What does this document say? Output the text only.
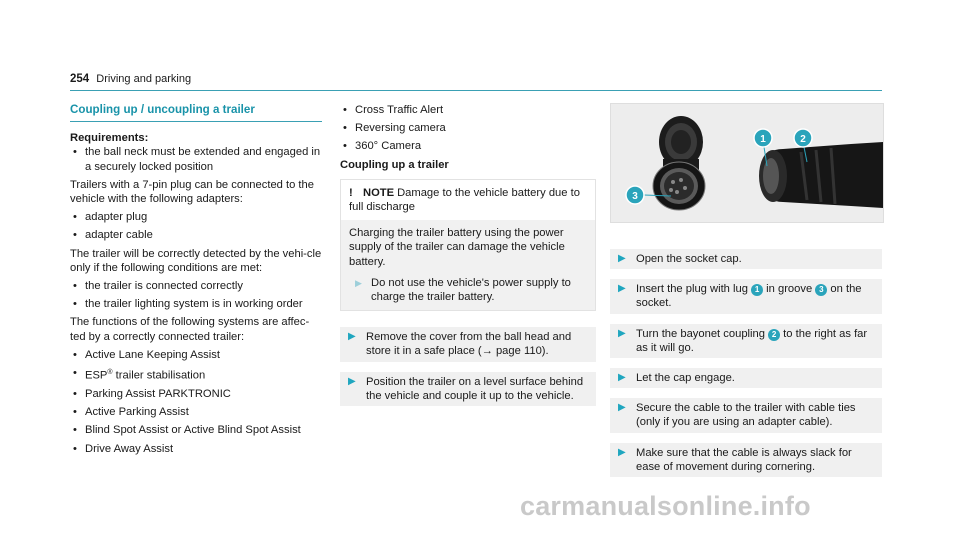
254 Driving and parking
Coupling up / uncoupling a trailer
Requirements:
• the ball neck must be extended and engaged in a securely locked position

Trailers with a 7-pin plug can be connected to the vehicle with the following adapters:

• adapter plug
• adapter cable

The trailer will be correctly detected by the vehi-cle only if the following conditions are met:

• the trailer is connected correctly
• the trailer lighting system is in working order

The functions of the following systems are affec-ted by a correctly connected trailer:

• Active Lane Keeping Assist
• ESP® trailer stabilisation
• Parking Assist PARKTRONIC
• Active Parking Assist
• Blind Spot Assist or Active Blind Spot Assist
• Drive Away Assist
• Cross Traffic Alert
• Reversing camera
• 360° Camera
Coupling up a trailer
! NOTE Damage to the vehicle battery due to full discharge
Charging the trailer battery using the power supply of the trailer can damage the vehicle battery.
▶ Do not use the vehicle's power supply to charge the trailer battery.
▶ Remove the cover from the ball head and store it in a safe place (→ page 110).
▶ Position the trailer on a level surface behind the vehicle and couple it up to the vehicle.
1	2
3
▶ Open the socket cap.
▶ Insert the plug with lug 1 in groove 3 on the socket.
▶ Turn the bayonet coupling 2 to the right as far as it will go.
▶ Let the cap engage.
▶ Secure the cable to the trailer with cable ties (only if you are using an adapter cable).
▶ Make sure that the cable is always slack for ease of movement during cornering.
carmanualsonline.info
